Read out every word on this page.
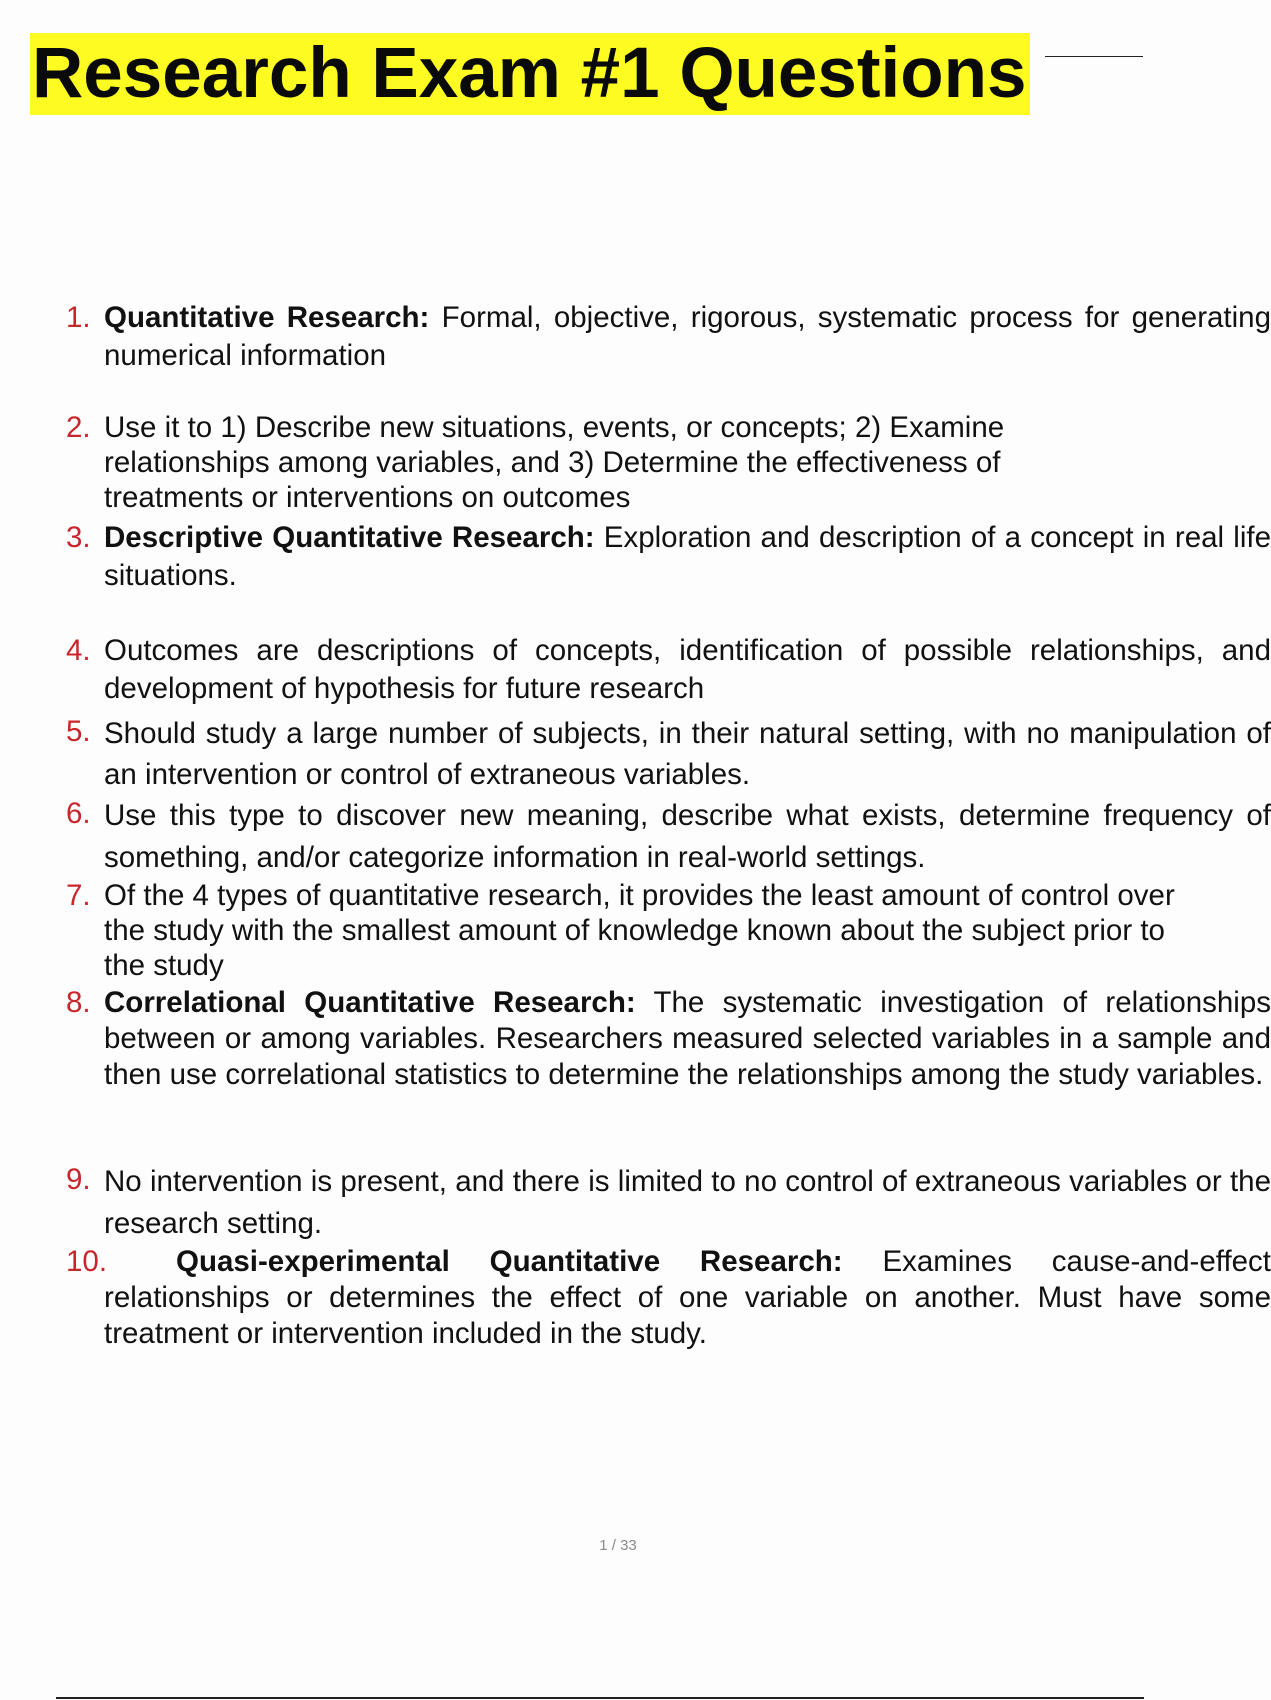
Research Exam #1 Questions
1. Quantitative Research: Formal, objective, rigorous, systematic process for generating numerical information
2. Use it to 1) Describe new situations, events, or concepts; 2) Examine relationships among variables, and 3) Determine the effectiveness of treatments or interventions on outcomes
3. Descriptive Quantitative Research: Exploration and description of a concept in real life situations.
4. Outcomes are descriptions of concepts, identification of possible relationships, and development of hypothesis for future research
5. Should study a large number of subjects, in their natural setting, with no manipulation of an intervention or control of extraneous variables.
6. Use this type to discover new meaning, describe what exists, determine frequency of something, and/or categorize information in real-world settings.
7. Of the 4 types of quantitative research, it provides the least amount of control over the study with the smallest amount of knowledge known about the subject prior to the study
8. Correlational Quantitative Research: The systematic investigation of relationships between or among variables. Researchers measured selected variables in a sample and then use correlational statistics to determine the relationships among the study variables.
9. No intervention is present, and there is limited to no control of extraneous variables or the research setting.
10.	Quasi-experimental Quantitative Research: Examines cause-and-effect relationships or determines the effect of one variable on another. Must have some treatment or intervention included in the study.
1 / 33
